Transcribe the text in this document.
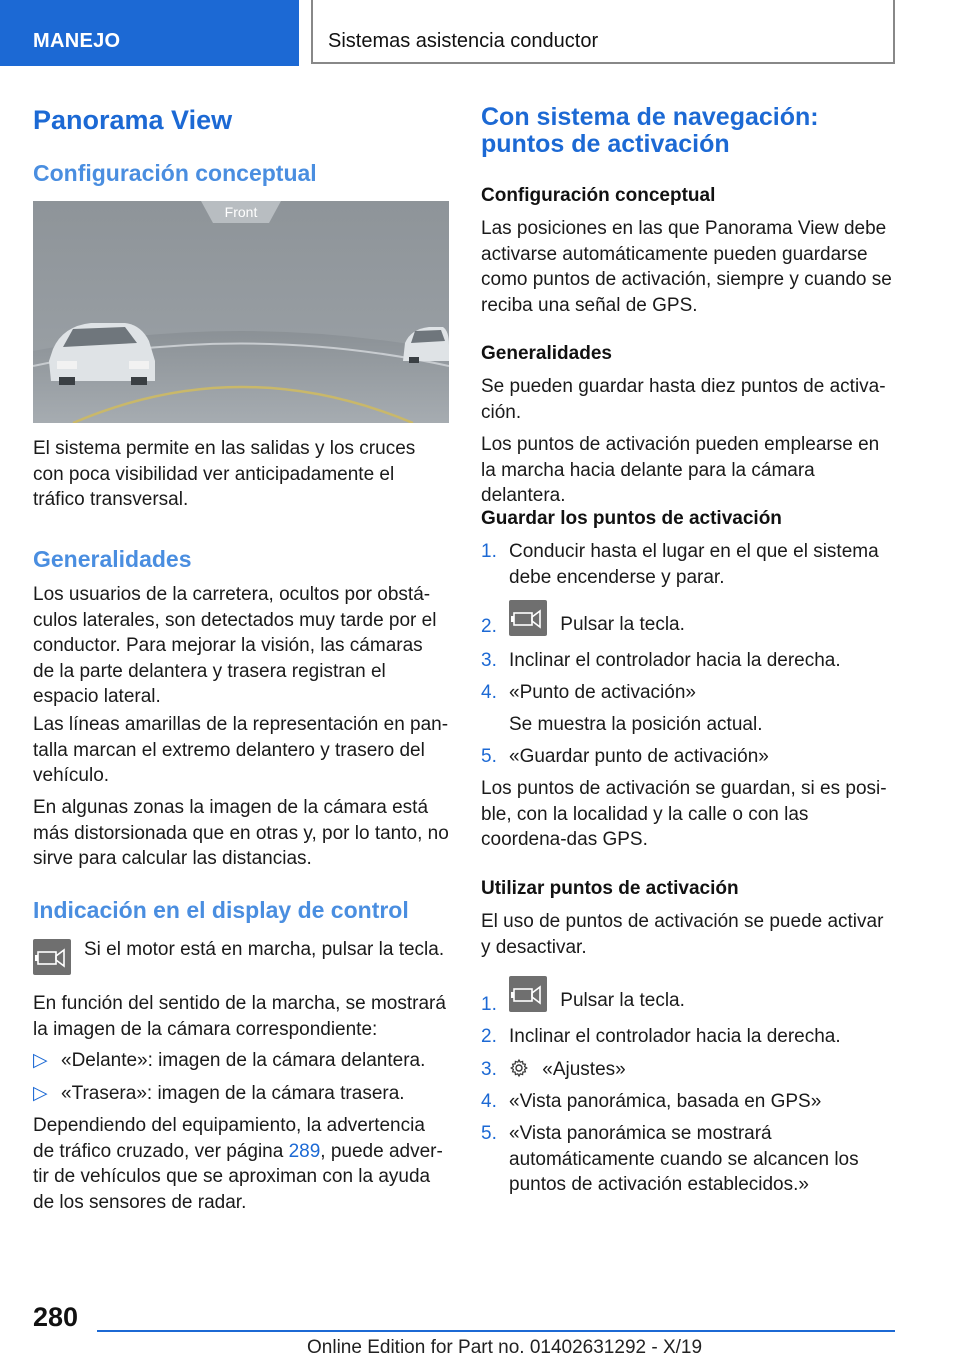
MANEJO	Sistemas asistencia conductor
Panorama View
Configuración conceptual
Front
El sistema permite en las salidas y los cruces con poca visibilidad ver anticipadamente el tráfico transversal.
Generalidades
Los usuarios de la carretera, ocultos por obstá-culos laterales, son detectados muy tarde por el conductor. Para mejorar la visión, las cámaras de la parte delantera y trasera registran el espacio lateral.
Las líneas amarillas de la representación en pan-talla marcan el extremo delantero y trasero del vehículo.
En algunas zonas la imagen de la cámara está más distorsionada que en otras y, por lo tanto, no sirve para calcular las distancias.
Indicación en el display de control
Si el motor está en marcha, pulsar la tecla.
En función del sentido de la marcha, se mostrará la imagen de la cámara correspondiente:
▷ «Delante»: imagen de la cámara delantera.
▷ «Trasera»: imagen de la cámara trasera.
Dependiendo del equipamiento, la advertencia de tráfico cruzado, ver página 289, puede adver-tir de vehículos que se aproximan con la ayuda de los sensores de radar.
Con sistema de navegación: puntos de activación
Configuración conceptual
Las posiciones en las que Panorama View debe activarse automáticamente pueden guardarse como puntos de activación, siempre y cuando se reciba una señal de GPS.
Generalidades
Se pueden guardar hasta diez puntos de activa-ción.
Los puntos de activación pueden emplearse en la marcha hacia delante para la cámara delantera.
Guardar los puntos de activación
1. Conducir hasta el lugar en el que el sistema debe encenderse y parar.
2.	Pulsar la tecla.
3. Inclinar el controlador hacia la derecha.
4. «Punto de activación»
Se muestra la posición actual.
5. «Guardar punto de activación»
Los puntos de activación se guardan, si es posi-ble, con la localidad y la calle o con las coordena-das GPS.
Utilizar puntos de activación
El uso de puntos de activación se puede activar y desactivar.
1.	Pulsar la tecla.
2. Inclinar el controlador hacia la derecha.
3.	«Ajustes»
4. «Vista panorámica, basada en GPS»
5. «Vista panorámica se mostrará automáticamente cuando se alcancen los puntos de activación establecidos.»
280
Online Edition for Part no. 01402631292 - X/19
